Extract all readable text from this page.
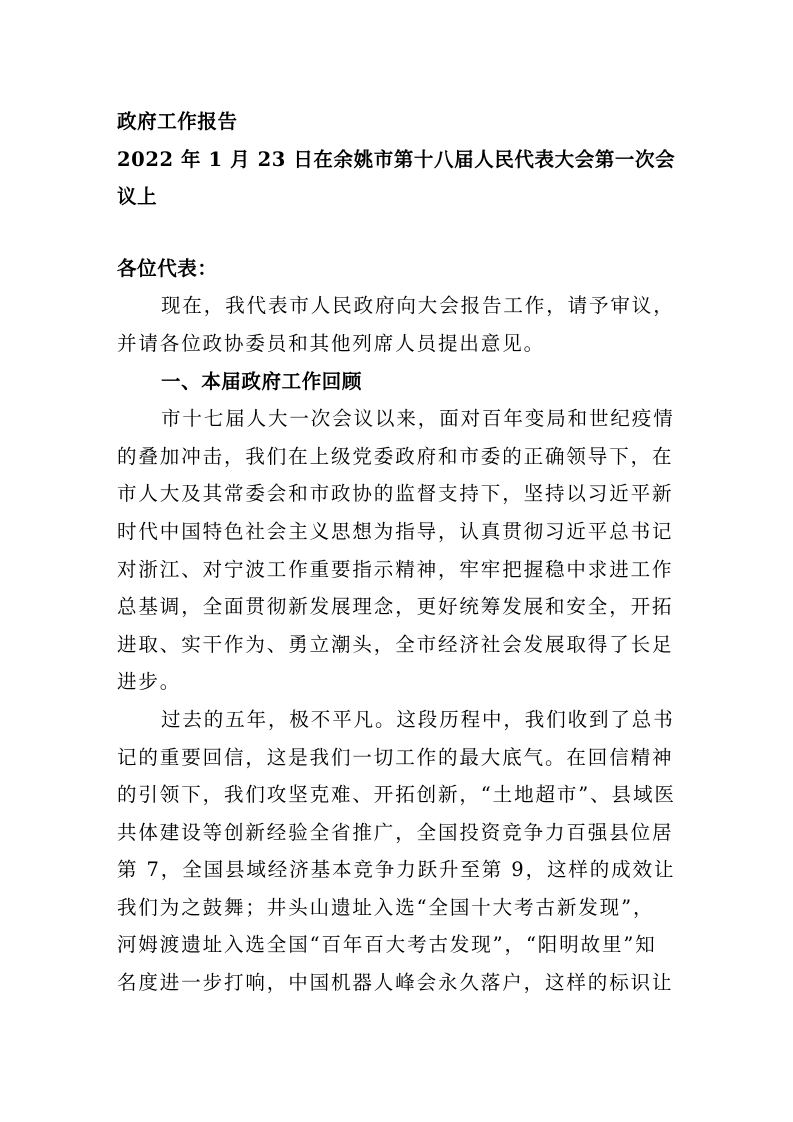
政府工作报告
2022 年 1 月 23 日在余姚市第十八届人民代表大会第一次会
议上
各位代表：
现在，我代表市人民政府向大会报告工作，请予审议，
并请各位政协委员和其他列席人员提出意见。
一、本届政府工作回顾
市十七届人大一次会议以来，面对百年变局和世纪疫情
的叠加冲击，我们在上级党委政府和市委的正确领导下，在
市人大及其常委会和市政协的监督支持下，坚持以习近平新
时代中国特色社会主义思想为指导，认真贯彻习近平总书记
对浙江、对宁波工作重要指示精神，牢牢把握稳中求进工作
总基调，全面贯彻新发展理念，更好统筹发展和安全，开拓
进取、实干作为、勇立潮头，全市经济社会发展取得了长足
进步。
过去的五年，极不平凡。这段历程中，我们收到了总书
记的重要回信，这是我们一切工作的最大底气。在回信精神
的引领下，我们攻坚克难、开拓创新，“土地超市”、县域医
共体建设等创新经验全省推广，全国投资竞争力百强县位居
第 7，全国县域经济基本竞争力跃升至第 9，这样的成效让
我们为之鼓舞；井头山遗址入选“全国十大考古新发现”，
河姆渡遗址入选全国“百年百大考古发现”，“阳明故里”知
名度进一步打响，中国机器人峰会永久落户，这样的标识让
